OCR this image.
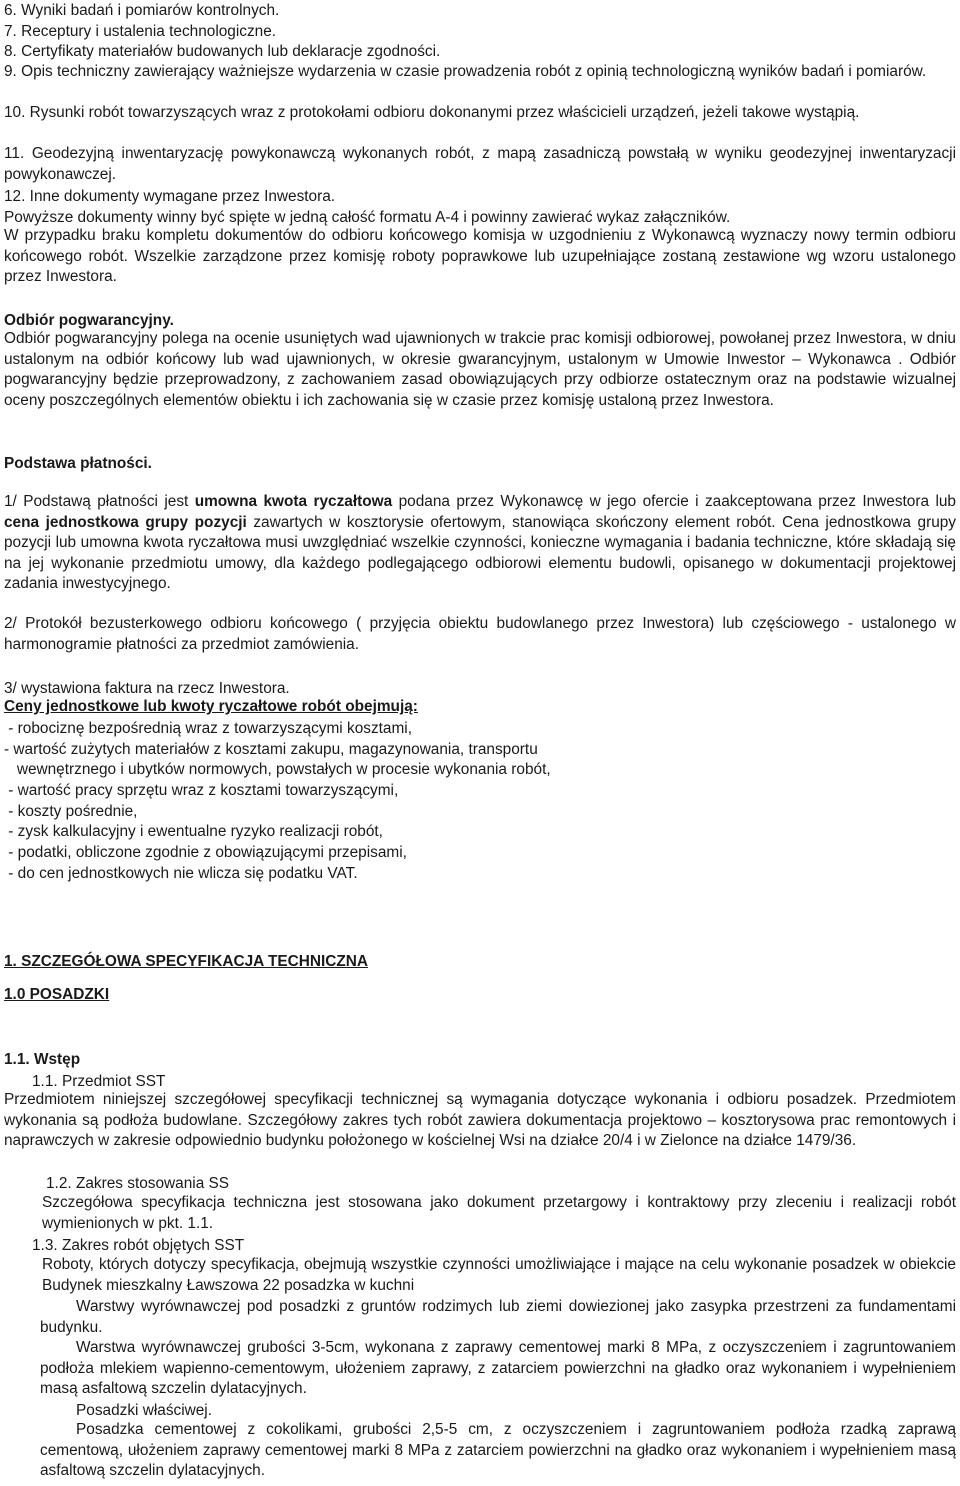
6. Wyniki badań i pomiarów kontrolnych.
7. Receptury i ustalenia technologiczne.
8. Certyfikaty materiałów budowanych lub deklaracje zgodności.
9. Opis techniczny zawierający ważniejsze wydarzenia w czasie prowadzenia robót z opinią technologiczną wyników badań i pomiarów.
10. Rysunki robót towarzyszących wraz z protokołami odbioru dokonanymi przez właścicieli urządzeń, jeżeli takowe wystąpią.
11. Geodezyjną inwentaryzację powykonawczą wykonanych robót, z mapą zasadniczą powstałą w wyniku geodezyjnej inwentaryzacji powykonawczej.
12. Inne dokumenty wymagane przez Inwestora.
Powyższe dokumenty winny być spięte w jedną całość formatu A-4 i powinny zawierać wykaz załączników.
W przypadku braku kompletu dokumentów do odbioru końcowego komisja w uzgodnieniu z Wykonawcą wyznaczy nowy termin odbioru końcowego robót. Wszelkie zarządzone przez komisję roboty poprawkowe lub uzupełniające zostaną zestawione wg wzoru ustalonego przez Inwestora.
Odbiór pogwarancyjny.
Odbiór pogwarancyjny polega na ocenie usuniętych wad ujawnionych w trakcie prac komisji odbiorowej, powołanej przez Inwestora, w dniu ustalonym na odbiór końcowy lub wad ujawnionych, w okresie gwarancyjnym, ustalonym w Umowie Inwestor – Wykonawca . Odbiór pogwarancyjny będzie przeprowadzony, z zachowaniem zasad obowiązujących przy odbiorze ostatecznym oraz na podstawie wizualnej oceny poszczególnych elementów obiektu i ich zachowania się w czasie przez komisję ustaloną przez Inwestora.
Podstawa płatności.
1/ Podstawą płatności jest umowna kwota ryczałtowa podana przez Wykonawcę w jego ofercie i zaakceptowana przez Inwestora lub cena jednostkowa grupy pozycji zawartych w kosztorysie ofertowym, stanowiąca skończony element robót. Cena jednostkowa grupy pozycji lub umowna kwota ryczałtowa musi uwzględniać wszelkie czynności, konieczne wymagania i badania techniczne, które składają się na jej wykonanie przedmiotu umowy, dla każdego podlegającego odbiorowi elementu budowli, opisanego w dokumentacji projektowej zadania inwestycyjnego.
2/ Protokół bezusterkowego odbioru końcowego ( przyjęcia obiektu budowlanego przez Inwestora) lub częściowego - ustalonego w harmonogramie płatności za przedmiot zamówienia.
3/ wystawiona faktura na rzecz Inwestora.
Ceny jednostkowe lub kwoty ryczałtowe robót obejmują:
- robociznę bezpośrednią wraz z towarzyszącymi kosztami,
- wartość zużytych materiałów z kosztami zakupu, magazynowania, transportu
wewnętrznego i ubytków normowych, powstałych w procesie wykonania robót,
- wartość pracy sprzętu wraz z kosztami towarzyszącymi,
- koszty pośrednie,
- zysk kalkulacyjny i ewentualne ryzyko realizacji robót,
- podatki, obliczone zgodnie z obowiązującymi przepisami,
- do cen jednostkowych nie wlicza się podatku VAT.
1. SZCZEGÓŁOWA SPECYFIKACJA TECHNICZNA
1.0 POSADZKI
1.1. Wstęp
1.1. Przedmiot SST
Przedmiotem niniejszej szczegółowej specyfikacji technicznej są wymagania dotyczące wykonania i odbioru posadzek. Przedmiotem wykonania są podłoża budowlane. Szczegółowy zakres tych robót zawiera dokumentacja projektowo – kosztorysowa prac remontowych i naprawczych w zakresie odpowiednio budynku położonego w kościelnej Wsi na działce 20/4 i w Zielonce na działce 1479/36.
1.2. Zakres stosowania SS
Szczegółowa specyfikacja techniczna jest stosowana jako dokument przetargowy i kontraktowy przy zleceniu i realizacji robót wymienionych w pkt. 1.1.
1.3. Zakres robót objętych SST
Roboty, których dotyczy specyfikacja, obejmują wszystkie czynności umożliwiające i mające na celu wykonanie posadzek w obiekcie Budynek mieszkalny Ławszowa 22 posadzka w kuchni
Warstwy wyrównawczej pod posadzki z gruntów rodzimych lub ziemi dowiezionej jako zasypka przestrzeni za fundamentami budynku.
Warstwa wyrównawczej grubości 3-5cm, wykonana z zaprawy cementowej marki 8 MPa, z oczyszczeniem i zagruntowaniem podłoża mlekiem wapienno-cementowym, ułożeniem zaprawy, z zatarciem powierzchni na gładko oraz wykonaniem i wypełnieniem masą asfaltową szczelin dylatacyjnych.
Posadzki właściwej.
Posadzka cementowej z cokolikami, grubości 2,5-5 cm, z oczyszczeniem i zagruntowaniem podłoża rzadką zaprawą cementową, ułożeniem zaprawy cementowej marki 8 MPa z zatarciem powierzchni na gładko oraz wykonaniem i wypełnieniem masą asfaltową szczelin dylatacyjnych.
